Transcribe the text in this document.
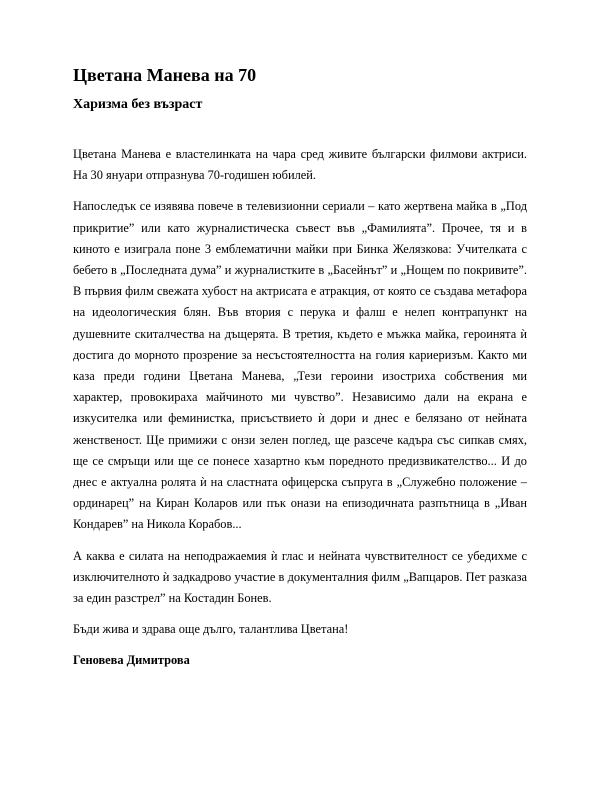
Цветана Манева на 70
Харизма без възраст

Цветана Манева е властелинката на чара сред живите български филмови актриси. На 30 януари отпразнува 70-годишен юбилей.

Напоследък се изявява повече в телевизионни сериали – като жертвена майка в „Под прикритие” или като журналистическа съвест във „Фамилията”. Прочее, тя и в киното е изиграла поне 3 емблематични майки при Бинка Желязкова: Учителката с бебето в „Последната дума” и журналистките в „Басейнът” и „Нощем по покривите”. В първия филм свежата хубост на актрисата е атракция, от която се създава метафора на идеологическия блян. Във втория с перука и фалш е нелеп контрапункт на душевните скиталчества на дъщерята. В третия, където е мъжка майка, героинята ѝ достига до морното прозрение за несъстоятелността на голия кариеризъм. Както ми каза преди години Цветана Манева, „Тези героини изостриха собствения ми характер, провокираха майчиното ми чувство”. Независимо дали на екрана е изкусителка или феминистка, присъствието ѝ дори и днес е белязано от нейната женственост. Ще примижи с онзи зелен поглед, ще разсече кадъра със сипкав смях, ще се смръщи или ще се понесе хазартно към поредното предизвикателство... И до днес е актуална ролята ѝ на сластната офицерска съпруга в „Служебно положение – ординарец” на Киран Коларов или пък онази на епизодичната разпътница в „Иван Кондарев” на Никола Корабов...

А каква е силата на неподражаемия ѝ глас и нейната чувствителност се убедихме с изключителното ѝ задкадрово участие в документалния филм „Вапцаров. Пет разказа за един разстрел” на Костадин Бонев.

Бъди жива и здрава още дълго, талантлива Цветана!

Геновева Димитрова
